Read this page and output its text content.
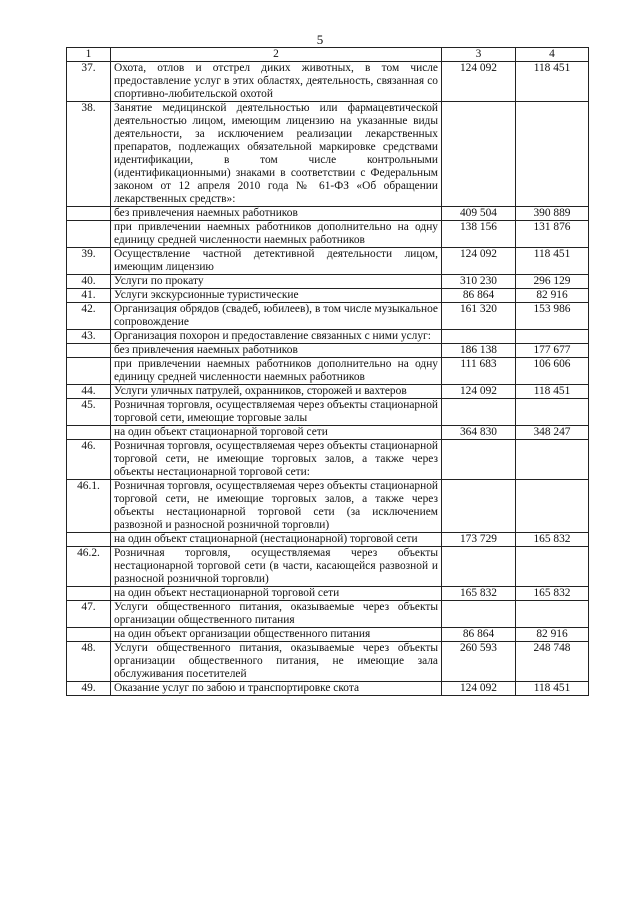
5
1	2	3	4
37.	Охота, отлов и отстрел диких животных, в том числе предоставление услуг в этих областях, деятельность, связанная со спортивно-любительской охотой	124 092	118 451
38.	Занятие медицинской деятельностью или фармацевтической деятельностью лицом, имеющим лицензию на указанные виды деятельности, за исключением реализации лекарственных препаратов, подлежащих обязательной маркировке средствами идентификации, в том числе контрольными (идентификационными) знаками в соответствии с Федеральным законом от 12 апреля 2010 года № 61-ФЗ «Об обращении лекарственных средств»:		
	без привлечения наемных работников	409 504	390 889
	при привлечении наемных работников дополнительно на одну единицу средней численности наемных работников	138 156	131 876
39.	Осуществление частной детективной деятельности лицом, имеющим лицензию	124 092	118 451
40.	Услуги по прокату	310 230	296 129
41.	Услуги экскурсионные туристические	86 864	82 916
42.	Организация обрядов (свадеб, юбилеев), в том числе музыкальное сопровождение	161 320	153 986
43.	Организация похорон и предоставление связанных с ними услуг:		
	без привлечения наемных работников	186 138	177 677
	при привлечении наемных работников дополнительно на одну единицу средней численности наемных работников	111 683	106 606
44.	Услуги уличных патрулей, охранников, сторожей и вахтеров	124 092	118 451
45.	Розничная торговля, осуществляемая через объекты стационарной торговой сети, имеющие торговые залы		
	на один объект стационарной торговой сети	364 830	348 247
46.	Розничная торговля, осуществляемая через объекты стационарной торговой сети, не имеющие торговых залов, а также через объекты нестационарной торговой сети:		
46.1.	Розничная торговля, осуществляемая через объекты стационарной торговой сети, не имеющие торговых залов, а также через объекты нестационарной торговой сети (за исключением развозной и разносной розничной торговли)		
	на один объект стационарной (нестационарной) торговой сети	173 729	165 832
46.2.	Розничная торговля, осуществляемая через объекты нестационарной торговой сети (в части, касающейся развозной и разносной розничной торговли)		
	на один объект нестационарной торговой сети	165 832	165 832
47.	Услуги общественного питания, оказываемые через объекты организации общественного питания		
	на один объект организации общественного питания	86 864	82 916
48.	Услуги общественного питания, оказываемые через объекты организации общественного питания, не имеющие зала обслуживания посетителей	260 593	248 748
49.	Оказание услуг по забою и транспортировке скота	124 092	118 451
